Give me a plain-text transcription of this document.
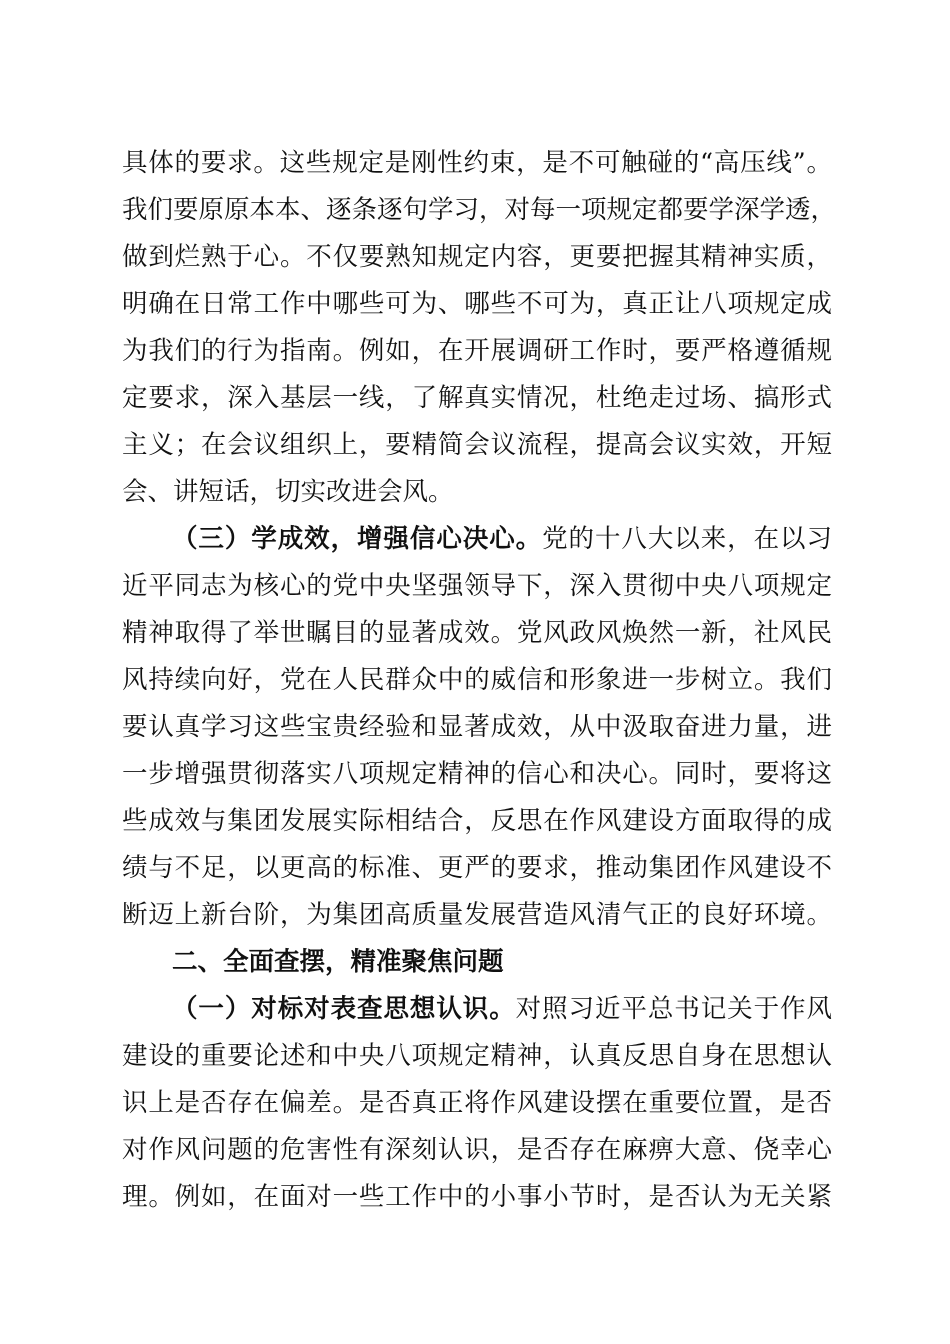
具体的要求。这些规定是刚性约束，是不可触碰的“高压线”。
我们要原原本本、逐条逐句学习，对每一项规定都要学深学透，
做到烂熟于心。不仅要熟知规定内容，更要把握其精神实质，
明确在日常工作中哪些可为、哪些不可为，真正让八项规定成
为我们的行为指南。例如，在开展调研工作时，要严格遵循规
定要求，深入基层一线，了解真实情况，杜绝走过场、搞形式
主义；在会议组织上，要精简会议流程，提高会议实效，开短
会、讲短话，切实改进会风。
（三）学成效，增强信心决心。党的十八大以来，在以习
近平同志为核心的党中央坚强领导下，深入贯彻中央八项规定
精神取得了举世瞩目的显著成效。党风政风焕然一新，社风民
风持续向好，党在人民群众中的威信和形象进一步树立。我们
要认真学习这些宝贵经验和显著成效，从中汲取奋进力量，进
一步增强贯彻落实八项规定精神的信心和决心。同时，要将这
些成效与集团发展实际相结合，反思在作风建设方面取得的成
绩与不足，以更高的标准、更严的要求，推动集团作风建设不
断迈上新台阶，为集团高质量发展营造风清气正的良好环境。
二、全面查摆，精准聚焦问题
（一）对标对表查思想认识。对照习近平总书记关于作风
建设的重要论述和中央八项规定精神，认真反思自身在思想认
识上是否存在偏差。是否真正将作风建设摆在重要位置，是否
对作风问题的危害性有深刻认识，是否存在麻痹大意、侥幸心
理。例如，在面对一些工作中的小事小节时，是否认为无关紧
